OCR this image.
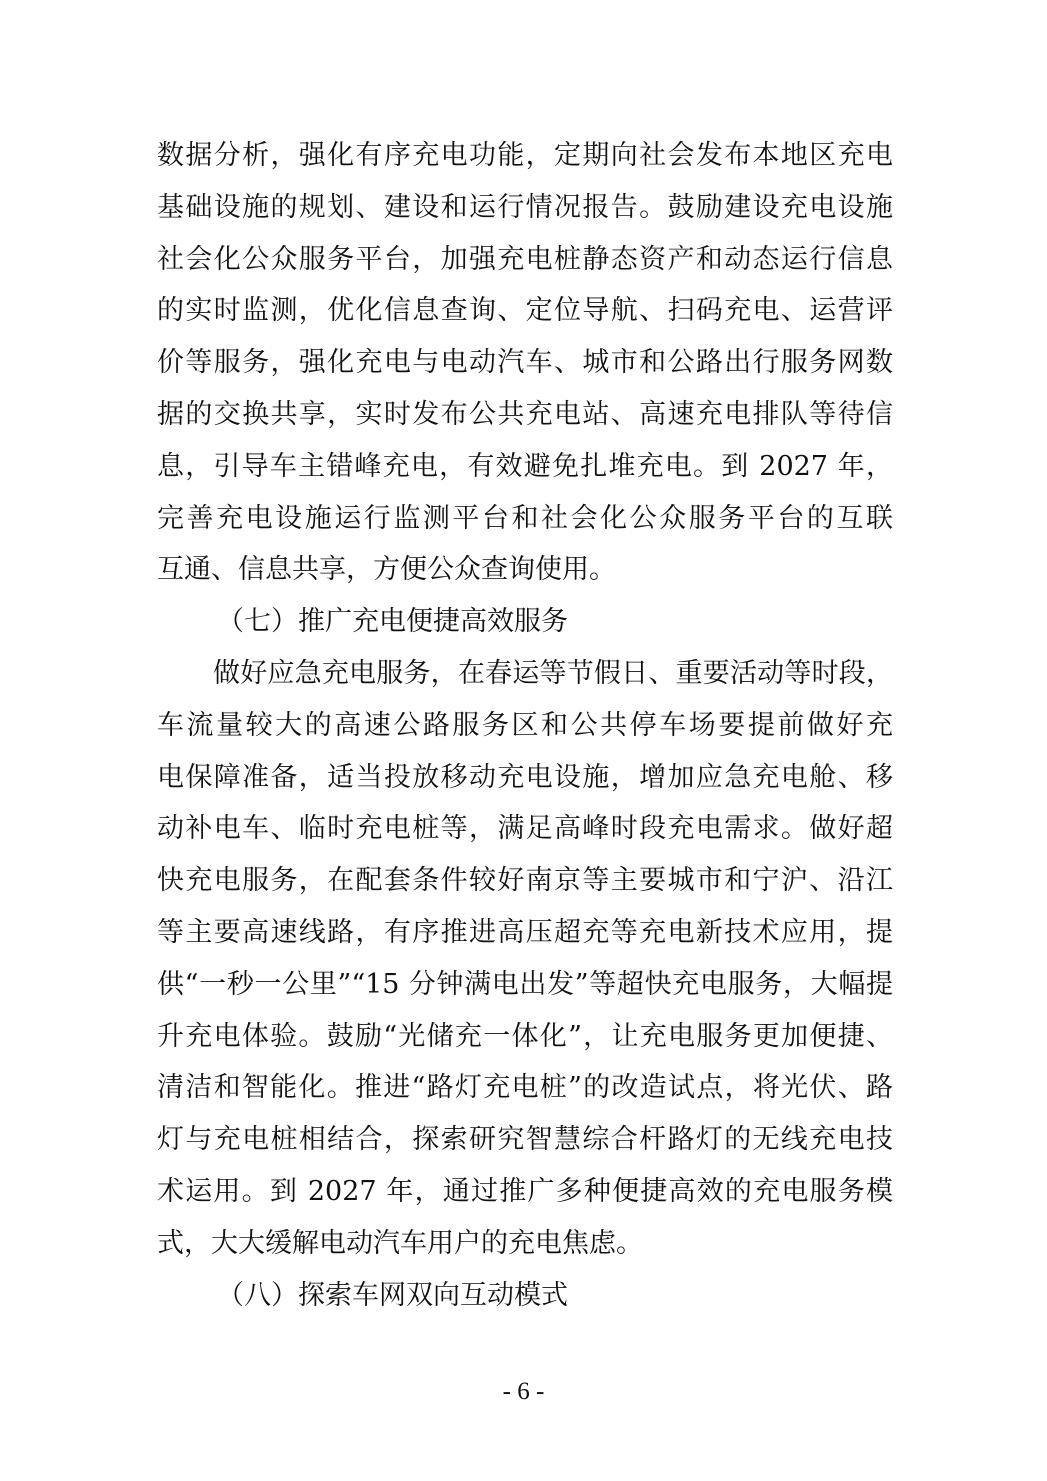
数据分析，强化有序充电功能，定期向社会发布本地区充电
基础设施的规划、建设和运行情况报告。鼓励建设充电设施
社会化公众服务平台，加强充电桩静态资产和动态运行信息
的实时监测，优化信息查询、定位导航、扫码充电、运营评
价等服务，强化充电与电动汽车、城市和公路出行服务网数
据的交换共享，实时发布公共充电站、高速充电排队等待信
息，引导车主错峰充电，有效避免扎堆充电。到 2027 年，
完善充电设施运行监测平台和社会化公众服务平台的互联
互通、信息共享，方便公众查询使用。
（七）推广充电便捷高效服务
做好应急充电服务，在春运等节假日、重要活动等时段，
车流量较大的高速公路服务区和公共停车场要提前做好充
电保障准备，适当投放移动充电设施，增加应急充电舱、移
动补电车、临时充电桩等，满足高峰时段充电需求。做好超
快充电服务，在配套条件较好南京等主要城市和宁沪、沿江
等主要高速线路，有序推进高压超充等充电新技术应用，提
供“一秒一公里”“15 分钟满电出发”等超快充电服务，大幅提
升充电体验。鼓励“光储充一体化”，让充电服务更加便捷、
清洁和智能化。推进“路灯充电桩”的改造试点，将光伏、路
灯与充电桩相结合，探索研究智慧综合杆路灯的无线充电技
术运用。到 2027 年，通过推广多种便捷高效的充电服务模
式，大大缓解电动汽车用户的充电焦虑。
（八）探索车网双向互动模式
- 6 -
